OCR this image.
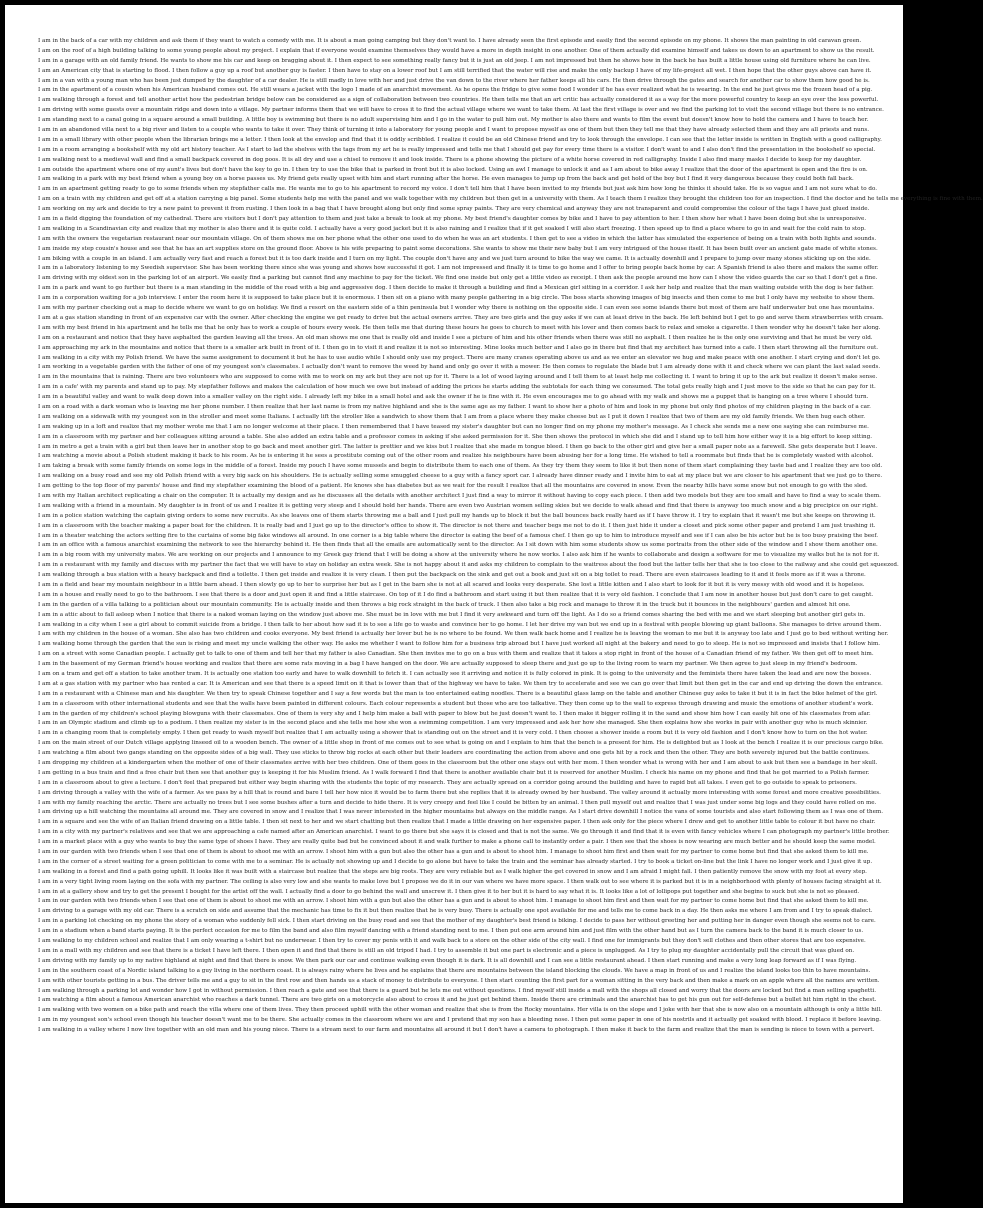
I am in the back of a car with my children and ask them if they want to watch a comedy with me. It is about a man going camping but they don't want to. I have already seen the first episode and easily find the second episode on my phone. It shows the man painting in old caravan green.
I am on the roof of a high building talking to some young people about my project. I explain that if everyone would examine themselves they would have a more in depth insight in one another. One of them actually did examine himself and takes us down to an apartment to show us the result.
I am in a garage with an old family friend. He wants to show me his car and keep on bragging about it. I then expect to see something really fancy but it is just an old jeep. I am not impressed but then he shows how in the back he has built a little house using old furniture where he can live.
I am an American city that is starting to flood. I then follow a guy up a roof but another guy is faster. I then have to stay on a lower roof but I am still terrified that the water will rise and make the only backup I have of my life-project all wet. I then hope that the other guys above can have it.
I am in a van with a young man who has been just dumped by the daughter of a car dealer. He is still madly in love with her and just drive the van down to the river where her father keeps all his cars. He then drive through the gates and search for another car to show them how good he is.
I am in the apartment of a cousin when his American husband comes out. He still wears a jacket with the logo I made of an anarchist movement. As he opens the fridge to give some food I wonder if he has ever realized what he is wearing. In the end he just gives me the frozen head of a pig.
I am walking through a forest and tell another artist how the pedestrian bridge below can be considered as a sign of collaboration between two countries. He then tells me that an art critic has actually considered it as a way for the more powerful country to keep an eye over the less powerful.
I am driving with some guests over a mountain ridge and down into a village. My partner informs them that we will have to cross it to find the actual village where we want to take them. At last the first village is over and we find the parking lot to visit the second village but there is no entrance.
I am standing next to a canal going in a square around a small building. A little boy is swimming but there is no adult supervising him and I go in the water to pull him out. My mother is also there and wants to film the event but doesn't know how to hold the camera and I have to teach her.
I am in an abandoned villa next to a big river and listen to a couple who wants to take it over. They think of turning it into a laboratory for young people and I want to propose myself as one of them but then they tell me that they have already selected them and they are all priests and nuns.
I am in a small library with other people when the librarian brings me a letter. I then look at the envelop and find that it is oddly scribbled. I realize it could be an old Chinese friend and try to look through the envelope. I can see that the letter inside is written in English with a good calligraphy.
I am in a room arranging a bookshelf with my old art history teacher. As I start to lad the shelves with the tags from my art he is really impressed and tells me that I should get pay for every time there is a visitor. I don't want to and I also don't find the presentation in the bookshelf so special.
I am walking next to a medieval wall and find a small backpack covered in dog poos. It is all dry and use a chisel to remove it and look inside. There is a phone showing the picture of a white horse covered in red calligraphy. Inside I also find many masks I decide to keep for my daughter.
I am outside the apartment where one of my aunt's lives but don't have the key to go in. I then try to use the bike that is parked in front but it is also locked. Using an awl I manage to unlock it and as I am about to bike away I realize that the door of the apartment is open and the fire is on.
I am walking in a park with my best friend when a young boy on a horse passes us. My friend gets really upset with him and start running after the horse. He even manages to jump up from the back and get hold of the boy but I find it very dangerous because they could both fall back.
I am in an apartment getting ready to go to some friends when my stepfather calls me. He wants me to go to his apartment to record my voice. I don't tell him that I have been invited to my friends but just ask him how long he thinks it should take. He is so vague and I am not sure what to do.
I am on a train with my children and get off at a station carrying a big panel. Some students help me with the panel and we walk together with my children but then get in a university with them. As I teach them I realize they brought the children too for an inspection. I find the doctor and he tells me everything is fine with them.
I am working on my ark and decide to try a new paint to prevent it from rusting. I then look in a bag that I have brought along but only find some spray paints. They are very chemical and anyway they are not transparent and could compromise the colour of the tags I have just glued inside.
I am in a field digging the foundation of my cathedral. There are visitors but I don't pay attention to them and just take a break to look at my phone. My best friend's daughter comes by bike and I have to pay attention to her. I then show her what I have been doing but she is unresponsive.
I am walking in a Scandinavian city and realize that my mother is also there and it is quite cold. I actually have a very good jacket but it is also raining and I realize that if it get soaked I will also start freezing. I then speed up to find a place where to go in and wait for the cold rain to stop.
I am with the owners the vegetarian restaurant near our mountain village. On of them shows me on her phone what the other one used to do when he was an art students. I then get to see a video in which the latter has simulated the experience of being on a train with both lights and sounds.
I am inside my step cousin's house and see that he has an art supplies store on the ground floor. Above is his wife preparing to paint some decorations. She wants to show me their new baby but I am very intrigued of the house itself. It has been built over an ancient gate made of white stones.
I am biking with a couple in an island. I am actually very fast and reach a forest but it is too dark inside and I turn on my light. The couple don't have any and we just turn around to bike the way we came. It is actually downhill and I prepare to jump over many stones sticking up on the side.
I am in a laboratory listening to my Swedish supervisor. She has been working there since she was young and shows how successful it got. I am not impressed and finally it is time to go home and I offer to bring people back home by car. A Spanish friend is also there and makes the same offer.
I am driving with my oldest son in the parking lot of an airport. We easily find a parking but cannot find any machine to pay for the ticket. We find one inside but only get a little video as receipt. I then ask the people around me how can I show the video guards the car so that I don't get a fine.
I am in a park and want to go further but there is a man standing in the middle of the road with a big and aggressive dog. I then decide to make it through a building and find a Mexican girl sitting in a corridor. I ask her help and realize that the man waiting outside with the dog is her father.
I am in a corporation waiting for a job interview. I enter the room here it is supposed to take place but it is enormous. I then sit on a piano with many people gathering in a big circle. The boss starts showing images of big insects and then come to me but I only have my website to show them.
I am with my partner checking out a map to decide where we want to go on holiday. We find a resort on the eastern side of a thin peninsula but I wonder why there is nothing on the opposite side. I can even see some islands there but most of them are half underwater but one has mountains.
I am at a gas station standing in front of an expensive car with the owner. After checking the engine we get ready to drive but the actual owners arrive. They are two girls and the guy asks if we can at least drive in the back. He left behind but I get to go and serve them strawberries with cream.
I am with my best friend in his apartment and he tells me that he only has to work a couple of hours every week. He then tells me that during these hours he goes to church to meet with his lover and then comes back to relax and smoke a cigarette. I then wonder why he doesn't take her along.
I am on a restaurant and notice that they have asphalted the garden leaving all the trees. An old man shows me one that is really old and inside I see a picture of him and his other friends when there was still no asphalt. I then realize he is the only one surviving and that he must be very old.
I am approaching my ark in the mountains and notice that there is a smaller ark built in front of it. I then go in to visit it and realize it is not so interesting. Mine looks much better and I also go in there but find that my architect has turned into a cafe. I then start throwing all the furniture out.
I am walking in a city with my Polish friend. We have the same assignment to document it but he has to use audio while I should only use my project. There are many cranes operating above us and as we enter an elevator we hug and make peace with one another. I start crying and don't let go.
I am working in a vegetable garden with the father of one of my youngest son's classmates. I actually don't want to remove the weed by hand and only go over it with a mower. He then comes to regulate the blade but I am already done with it and check where we can plant the last salad seeds.
I am in the mountains that is raining. There are two volunteers who are supposed to come with me to work on my ark but they are not up for it. There is a lot of wood laying around and I tell them to at least help me collecting it. I want to bring it up to the ark but realize it doesn't make sense.
I am in a cafe' with my parents and stand up to pay. My stepfather follows and makes the calculation of how much we owe but instead of adding the prices he starts adding the subtotals for each thing we consumed. The total gets really high and I just move to the side so that he can pay for it.
I am in a beautiful valley and want to walk deep down into a smaller valley on the right side. I already left my bike in a small hotel and ask the owner if he is fine with it. He even encourages me to go ahead with my walk and shows me a puppet that is hanging on a tree where I should turn.
I am on a road with a dark woman who is leaving me her phone number. I then realize that her last name is from my native highland and she is the same age as my father. I want to show her a photo of him and look in my phone but only find photos of my children playing in the back of a car.
I am walking on a sidewalk with my youngest son in the stroller and meet some Italians. I actually lift the stroller like a sandwich to show them that I am from a place where they make cheese but as I put it down I realize that two of them are my old family friends. We then hug each other.
I am waking up in a loft and realize that my mother wrote me that I am no longer welcome at their place. I then remembered that I have teased my sister's daughter but can no longer find on my phone my mother's message. As I check she sends me a new one saying she can reimburse me.
I am in a classroom with my partner and her colleagues sitting around a table. She also added an extra table and a professor comes in asking if she asked permission for it. She then shows the protocol in which she did and I stand up to tell him how either way it is a big effort to keep sitting.
I am in metro a get a train with a girl but then leave her in another stop to go back and meet another girl. The latter is prettier and we kiss but I realize that she made m tongue bleed. I then go back to the other girl and give her a small paper note as a farewell. She gets desperate but I leave.
I am watching a movie about a Polish student making it back to his room. As he is entering it he sees a prostitute coming out of the other room and realize his neighbours have been abusing her for a long time. He wished to tell a roommate but finds that he is completely wasted with alcohol.
I am taking a break with some family friends on some logs in the middle of a forest. Inside my pouch I have some mussels and begin to distribute them to each one of them. As they try them they seem to like it but then none of them start complaining they taste bad and I realize they are too old.
I am walking on a busy road and see my old Polish friend with a very big sack on his shoulders. He is actually selling some smuggled cheese to a guy with a fancy sport car. I already have dinner ready and I invite him to eat at my place but we are closer to his apartment that we just go to there.
I am getting to the top floor of my parents' house and find my stepfather examining the blood of a patient. He knows she has diabetes but as we wait for the result I realize that all the mountains are covered in snow. Even the nearby hills have some snow but not enough to go with the sled.
I am with my Italian architect replicating a chair on the computer. It is actually my design and as he discusses all the details with another architect I just find a way to mirror it without having to copy each piece. I then add two models but they are too small and have to find a way to scale them.
I am walking with a friend in a mountain. My daughter is in front of us and I realize it is getting very steep and I should hold her hands. There are even two Austrian women selling skies but we decide to walk ahead and find that there is anyway too much snow and a big precipice on our right.
I am in a police station watching the captain giving orders to some new recruits. As she leaves one of them starts throwing me a ball and I just pull my hands up to block it but the ball bounces back really hard as if I have throw it. I try to explain that it wasn't me but she keeps on throwing it.
I am in a classroom with the teacher making a paper boat for the children. It is really bad and I just go up to the director's office to show it. The director is not there and teacher begs me not to do it. I then just hide it under a closet and pick some other paper and pretend I am just trashing it.
I am in a theater watching the actors setting fire to the curtains of some big fake windows all around. In one corner is a big table where the director is eating the beef of a famous chef. I then go up to him to introduce myself and see if I can also be his actor but he is too busy praising the beef.
I am in an office with a famous anarchist examining the network to see the hierarchy behind it. He then finds that all the emails are automatically sent to the director. As I sit down with him some students show us some portraits from the other side of the window and I show them another one.
I am in a big room with my university mates. We are working on our projects and I announce to my Greek gay friend that I will be doing a show at the university where he now works. I also ask him if he wants to collaborate and design a software for me to visualize my walks but he is not for it.
I am in a restaurant with my family and discuss with my partner the fact that we will have to stay on holiday an extra week. She is not happy about it and asks my children to complain to the waitress about the food but the latter tells her that she is too close to the railway and she could get squeezed.
I am walking through a bus station with a heavy backpack and find a toilette. I then get inside and realize it is very clean. I then put the backpack on the sink and get out a book and just sit on a big toilet to read. There are even staircases leading to it and it feels more as if it was a throne.
I am in a field and hear my mountain neighbour in a little barn ahead. I then slowly go up to her to surprise her but as I get in the barn she is not at all scared and looks very desperate. She lost a little kitten and I also start to look for it but it is very messy with old wood and it is hopeless.
I am in a house and really need to go to the bathroom. I see that there is a door and just open it and find a little staircase. On top of it I do find a bathroom and start using it but then realize that it is very old fashion. I conclude that I am now in another house but just don't care to get caught.
I am in the garden of a villa talking to a politician about our mountain community. He is actually inside and then throws a big rock straight in the back of truck. I then also take a big rock and manage to throw it in the truck but it bounces in the neighbours' garden and almost hit one.
I am in a attic about to fall asleep when I notice that there is a naked woman laying on the window just above me. She must be in love with me but I find it very awkward and turn off the light. As I do so a friend comes sharing the bed with me and we start sleeping but another girl gets in.
I am walking in a city when I see a girl about to commit suicide from a bridge. I then talk to her about how sad it is to see a life go to waste and convince her to go home. I let her drive my van but we end up in a festival with people blowing up giant balloons. She manages to drive around them.
I am with my children in the house of a woman. She also has two children and cooks everyone. My best friend is actually her lover but he is no where to be found. We then walk back home and I realize he is leaving the woman to me but it is anyway too late and I just go to bed without writing her.
I am walking home through the garden that the sun is rising and meet my uncle walking the other way. He asks me whether I want to follow him for a business trip abroad but I have just worked all night at the bakery and need to go to sleep. He is not so impressed and insists that I follow him.
I am on a street with some Canadian people. I actually get to talk to one of them and tell her that my father is also Canadian. She then invites me to go on a bus with them and realize that it takes a stop right in front of the house of a Canadian friend of my father. We then get off to meet him.
I am in the basement of my German friend's house working and realize that there are some rats moving in a bag I have hanged on the door. We are actually supposed to sleep there and just go up to the living room to warn my partner. We then agree to just sleep in my friend's bedroom.
I am on a tram and get off a station to take another tram. It is actually one station too early and have to walk downhill to fetch it. I can actually see it arriving and notice it is fully colored in pink. It is going to the university and the feminists there have taken the lead and are now the bosses.
I am at a gas station with my partner who has rented a car. It is American and see that there is a speed limit on it that is lower than that of the highway we have to take. We then try to accelerate and see we can go over that limit but then get in the car and end up driving the down the entrance.
I am in a restaurant with a Chinese man and his daughter. We then try to speak Chinese together and I say a few words but the man is too entertained eating noodles. There is a beautiful glass lamp on the table and another Chinese guy asks to take it but it is in fact the bike helmet of the girl.
I am in a classroom with other international students and see that the walls have been painted in different colours. Each colour represents a student but those who are too talkative. They then come up to the wall to express through drawing and music the emotions of another student's work.
I am in the garden of my children's school playing blowguns with their classmates. One of them is very shy and I help him make a ball with paper to blow but he just doesn't want to. I then make it bigger rolling it in the sand and show him how I can easily hit one of his classmates from afar.
I am in an Olympic stadium and climb up to a podium. I then realize my sister is in the second place and she tells me how she won a swimming competition. I am very impressed and ask her how she managed. She then explains how she works in pair with another guy who is much skinnier.
I am in a changing room that is completely empty. I then get ready to wash myself but realize that I am actually using a shower that is standing out on the street and it is very cold. I then choose a shower inside a room but it is very old fashion and I don't know how to turn on the hot water.
I am on the main street of our Dutch village applying linseed oil to a wooden bench. The owner of a little shop in front of me comes out to see what is going on and I explain to him that the bench is a present for him. He is delighted but as I look at the bench I realize it is our precious cargo bike.
I am watching a film about two gangs standing on the opposite sides of a big wall. They use sticks to throw big rocks at each other but their leaders are coordinating the action from above and one gets hit by a rock and then the other. They are both severely injured but the battle continues.
I am dropping my children at a kindergarten when the mother of one of their classmates arrive with her two children. One of them goes in the classroom but the other one stays out with her mom. I then wonder what is wrong with her and I am about to ask but then see a bandage in her skull.
I am getting in a bus train and find a free chair but then see that another guy is keeping it for his Muslim friend. As I walk forward I find that there is another available chair but it is reserved for another Muslim. I check his name on my phone and find that he got married to a Polish farmer.
I am in a classroom about to give a lecture. I don't feel that prepared but either way begin sharing with the students the topic of my research. They are actually spread on a corridor going around the building and have to rapid but all takes. I even get to go outside to speak to prisoners.
I am driving through a valley with the wife of a farmer. As we pass by a hill that is round and bare I tell her how nice it would be to farm there but she replies that it is already owned by her husband. The valley around it actually more interesting with some forest and more creative possibilities.
I am with my family reaching the arctic. There are actually no trees but I see some bushes after a turn and decide to hide there. It is very creepy and feel like I could be bitten by an animal. I then pull myself out and realize that I was just under some big logs and they could have rolled on me.
I am driving up a hill watching the mountains all around me. They are covered in snow and I realize that I was never interested in the higher mountains but always on the middle range. As I start drive downhill I notice the vans of some tourists and also start following them as I was one of them.
I am in a square and see the wife of an Italian friend drawing on a little table. I then sit next to her and we start chatting but then realize that I made a little drawing on her expensive paper. I then ask only for the piece where I drew and get to another little table to colour it but have no chair.
I am in a city with my partner's relatives and see that we are approaching a cafe named after an American anarchist. I want to go there but she says it is closed and that is not the same. We go through it and find that it is even with fancy vehicles where I can photograph my partner's little brother.
I am in a market place with a guy who wants to buy the same type of shoes I have. They are really quite bad but he convinced about it and walk further to make a phone call to instantly order a pair. I then see that the shoes is now wearing are much better and he should keep the same model.
I am in our garden with two friends when I see that one of them is about to shoot me with an arrow. I shoot him with a gun but also the other has a gun and is about to shoot him. I manage to shoot him first and then wait for my partner to come home but find that she asked them to kill me.
I am in the corner of a street waiting for a green politician to come with me to a seminar. He is actually not showing up and I decide to go alone but have to take the train and the seminar has already started. I try to book a ticket on-line but the link I have no longer work and I just give it up.
I am walking in a forest and find a path going uphill. It looks like it was built with a staircase but realize that the steps are big roots. They are very reliable but as I walk higher the get covered in snow and I am afraid I might fall. I then patiently remove the snow with my foot at every step.
I am in a very tight living room laying on the sofa with my partner. The ceiling is also very low and she wants to make love but I propose we do it in our van where we have more space. I then walk out to see where it is parked but it is in a neighborhood with plenty of houses facing straight at it.
I am in at a gallery show and try to get the present I bought for the artist off the wall. I actually find a door to go behind the wall and unscrew it. I then give it to her but it is hard to say what it is. It looks like a lot of lollipops put together and she begins to suck but she is not so pleased.
I am in our garden with two friends when I see that one of them is about to shoot me with an arrow. I shoot him with a gun but also the other has a gun and is about to shoot him. I manage to shoot him first and then wait for my partner to come home but find that she asked them to kill me.
I am driving to a garage with my old car. There is a scratch on side and assume that the mechanic has time to fix it but then realize that he is very busy. There is actually one spot available for me and tells me to come back in a day. He then asks me where I am from and I try to speak dialect.
I am in a parking lot checking on my phone the story of a woman who suddenly fell sick. I then start driving on the busy road and see that the mother of my daughter's best friend is biking. I decide to pass her without greeting her and putting her in danger even though she seems not to care.
I am in a stadium when a band starts paying. It is the perfect occasion for me to film the band and also film myself dancing with a friend standing next to me. I then put one arm around him and just film with the other hand but as I turn the camera back to the band it is much closer to us.
I am walking to my children school and realize that I am only wearing a t-shirt but no underwear. I then try to cover my penis with it and walk back to a store on the other side of the city wall. I find one for immigrants but they don't sell clothes and then other stores that are too expensive.
I am in a mall with my children and see that there is a ticket I have left there. I then open it and find that there is still an old tripod I had. I try to assemble it but one part is electronic and a piece is unplugged. As I try to plug my daughter accidentally pull the circuit that was glued on.
I am driving with my family up to my native highland at night and find that there is snow. We then park our car and continue walking even though it is dark. It is all downhill and I can see a little restaurant ahead. I then start running and make a very long leap forward as if I was flying.
I am in the southern coast of a Nordic island talking to a guy living in the northern coast. It is always rainy where he lives and he explains that there are mountains between the island blocking the clouds. We have a map in front of us and I realize the island looks too thin to have mountains.
I am with other tourists getting in a bus. The driver tells me and a guy to sit in the first row and then hands us a stack of money to distribute to everyone. I then start counting the first part for a woman sitting in the very back and then make a mark on an apple where all the names are written.
I am walking through a parking lot and wonder how I got in without permission. I then reach a gate and see that there is a guard but he lets me out without questions. I find myself still inside a mall with the shops all closed and worry that the doors are locked but find a man selling spaghetti.
I am watching a film about a famous American anarchist who reaches a dark tunnel. There are two girls on a motorcycle also about to cross it and he just get behind them. Inside there are criminals and the anarchist has to get his gun out for self-defense but a bullet hit him right in the chest.
I am walking with two women on a bike path and reach the villa where one of them lives. They then proceed uphill with the other woman and realize that she is from the Rocky mountains. Her villa is on the slope and I joke with her that she is now also on a mountain although is only a little hill.
I am in my youngest son's school even though his teacher doesn't want me to be there. She actually comes in the classroom where we are and I pretend that my son has a bleeding nose. I then put some paper in one of his nostrils and it actually get soaked with blood. I replace it before leaving.
I am walking in a valley where I now live together with an old man and his young niece. There is a stream next to our farm and mountains all around it but I don't have a camera to photograph. I then make it back to the farm and realize that the man is sending is niece to town with a pervert.
